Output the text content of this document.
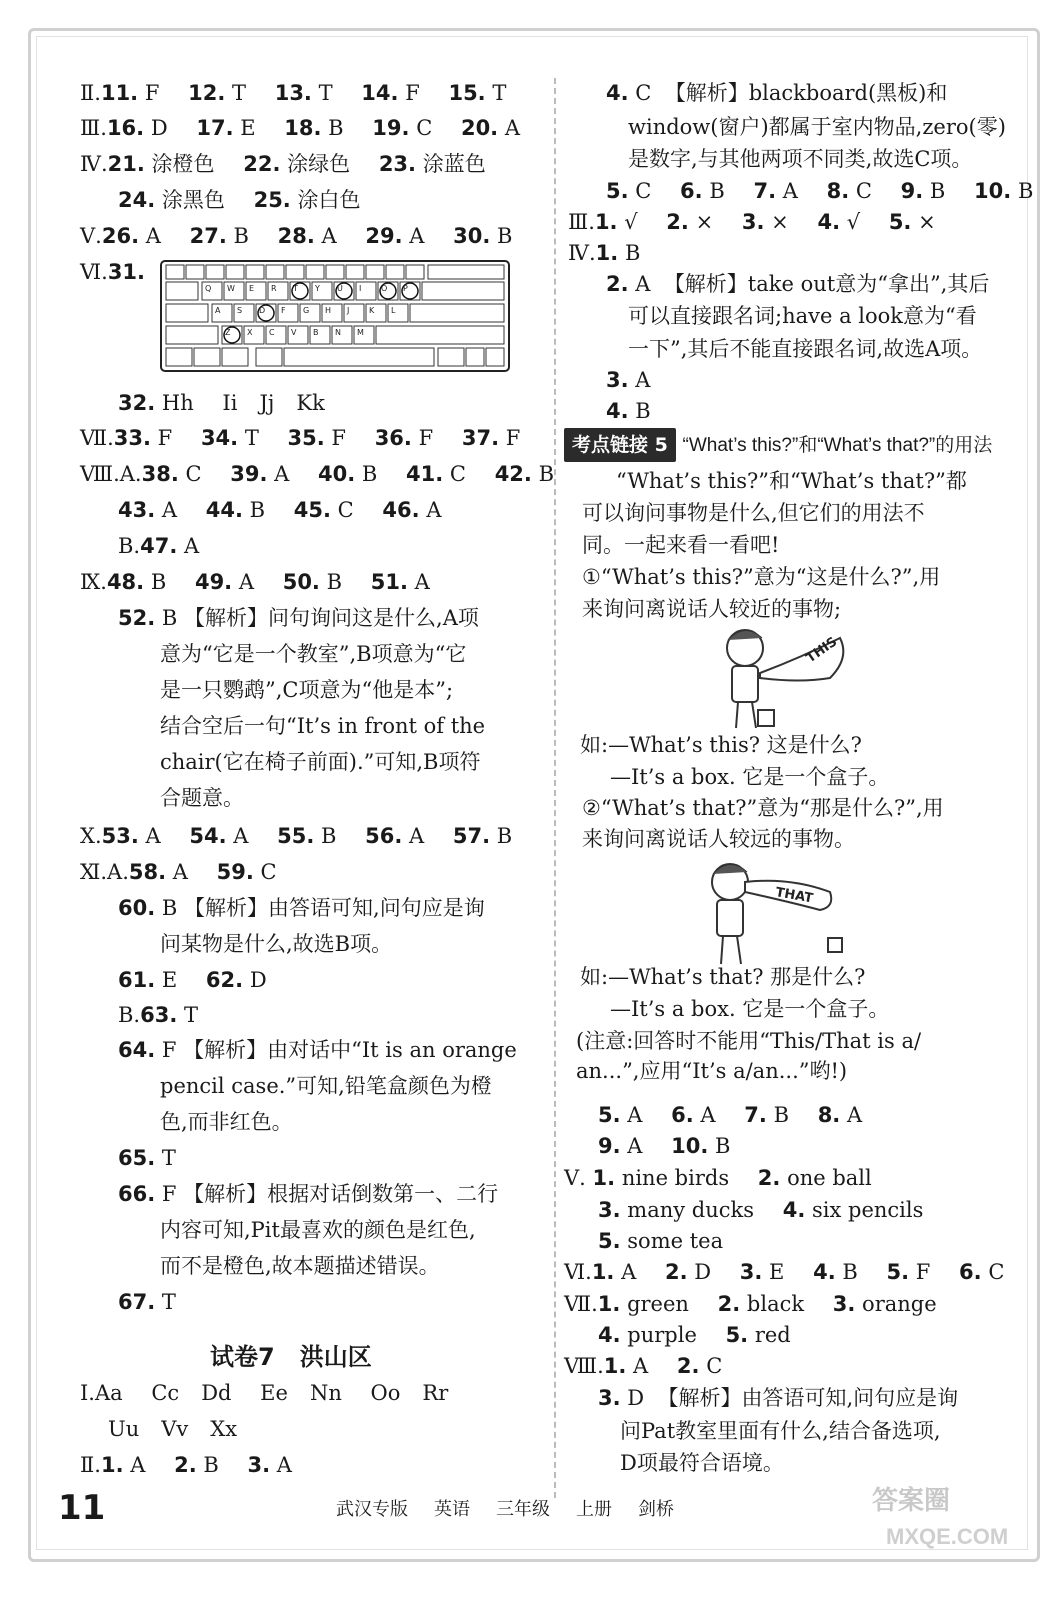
Ⅱ.11. F 12. T 13. T 14. F 15. T
Ⅲ.16. D 17. E 18. B 19. C 20. A
Ⅳ.21. 涂橙色 22. 涂绿色 23. 涂蓝色
24. 涂黑色 25. 涂白色
Ⅴ.26. A 27. B 28. A 29. A 30. B
Ⅵ.31.
32. Hh Ii Jj Kk
Ⅶ.33. F 34. T 35. F 36. F 37. F
Ⅷ.A.38. C 39. A 40. B 41. C 42. B
43. A 44. B 45. C 46. A
B.47. A
Ⅸ.48. B 49. A 50. B 51. A
52. B 【解析】问句询问这是什么,A项
意为“它是一个教室”,B项意为“它
是一只鹦鹉”,C项意为“他是本”;
结合空后一句“It’s in front of the
chair(它在椅子前面).”可知,B项符
合题意。
Ⅹ.53. A 54. A 55. B 56. A 57. B
Ⅺ.A.58. A 59. C
60. B 【解析】由答语可知,问句应是询
问某物是什么,故选B项。
61. E 62. D
B.63. T
64. F 【解析】由对话中“It is an orange
pencil case.”可知,铅笔盒颜色为橙
色,而非红色。
65. T
66. F 【解析】根据对话倒数第一、二行
内容可知,Pit最喜欢的颜色是红色,
而不是橙色,故本题描述错误。
67. T
试卷7 洪山区
Ⅰ.Aa Cc Dd Ee Nn Oo Rr
Uu Vv Xx
Ⅱ.1. A 2. B 3. A
Q W E R T Y U I O P
A S D F G H J K L
Z X C V B N M
4. C 【解析】blackboard(黑板)和
window(窗户)都属于室内物品,zero(零)
是数字,与其他两项不同类,故选C项。
5. C 6. B 7. A 8. C 9. B 10. B
Ⅲ.1. √ 2. × 3. × 4. √ 5. ×
Ⅳ.1. B
2. A 【解析】take out意为“拿出”,其后
可以直接跟名词;have a look意为“看
一下”,其后不能直接跟名词,故选A项。
3. A
4. B
考点链接 5 “What’s this?”和“What’s that?”的用法
“What’s this?”和“What’s that?”都
可以询问事物是什么,但它们的用法不
同。一起来看一看吧!
①“What’s this?”意为“这是什么?”,用
来询问离说话人较近的事物;
如:—What’s this? 这是什么?
—It’s a box. 它是一个盒子。
②“What’s that?”意为“那是什么?”,用
来询问离说话人较远的事物。
如:—What’s that? 那是什么?
—It’s a box. 它是一个盒子。
(注意:回答时不能用“This/That is a/
an...”,应用“It’s a/an...”哟!)
5. A 6. A 7. B 8. A
9. A 10. B
Ⅴ. 1. nine birds 2. one ball
3. many ducks 4. six pencils
5. some tea
Ⅵ.1. A 2. D 3. E 4. B 5. F 6. C
Ⅶ.1. green 2. black 3. orange
4. purple 5. red
Ⅷ.1. A 2. C
3. D 【解析】由答语可知,问句应是询
问Pat教室里面有什么,结合备选项,
D项最符合语境。
THIS
THAT
11	武汉专版 英语 三年级 上册 剑桥	答案圈
MXQE.COM
